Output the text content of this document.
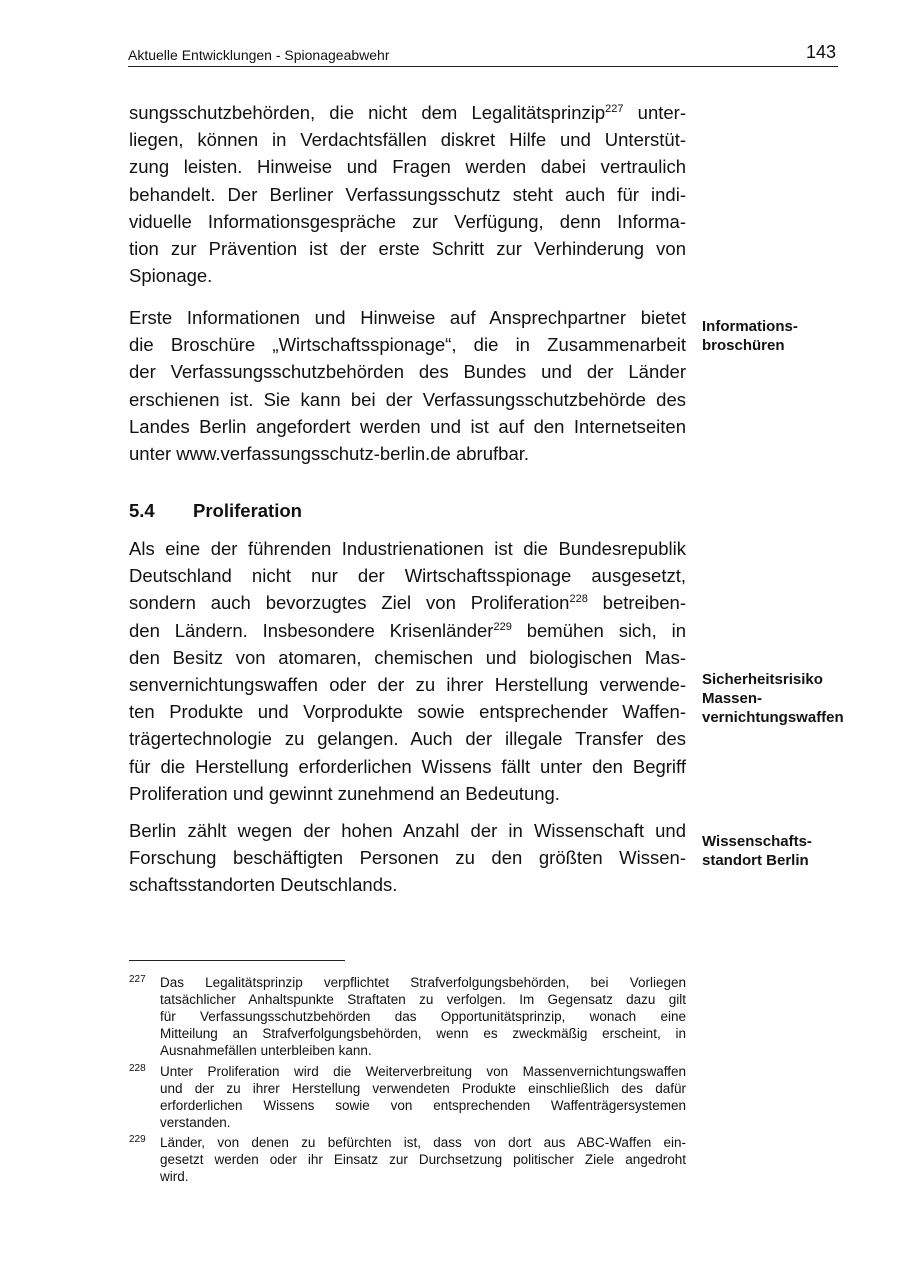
Aktuelle Entwicklungen - Spionageabwehr	143
sungsschutzbehörden, die nicht dem Legalitätsprinzip$^{227}$ unter-
liegen, können in Verdachtsfällen diskret Hilfe und Unterstüt-
zung leisten. Hinweise und Fragen werden dabei vertraulich
behandelt. Der Berliner Verfassungsschutz steht auch für indi-
viduelle Informationsgespräche zur Verfügung, denn Informa-
tion zur Prävention ist der erste Schritt zur Verhinderung von
Spionage.
Erste Informationen und Hinweise auf Ansprechpartner bietet
die Broschüre „Wirtschaftsspionage“, die in Zusammenarbeit
der Verfassungsschutzbehörden des Bundes und der Länder
erschienen ist. Sie kann bei der Verfassungsschutzbehörde des
Landes Berlin angefordert werden und ist auf den Internetseiten
unter www.verfassungsschutz-berlin.de abrufbar.
Informations-
broschüren
5.4 Proliferation
Als eine der führenden Industrienationen ist die Bundesrepublik
Deutschland nicht nur der Wirtschaftsspionage ausgesetzt,
sondern auch bevorzugtes Ziel von Proliferation$^{228}$ betreiben-
den Ländern. Insbesondere Krisenländer$^{229}$ bemühen sich, in
den Besitz von atomaren, chemischen und biologischen Mas-
senvernichtungswaffen oder der zu ihrer Herstellung verwende-
ten Produkte und Vorprodukte sowie entsprechender Waffen-
trägertechnologie zu gelangen. Auch der illegale Transfer des
für die Herstellung erforderlichen Wissens fällt unter den Begriff
Proliferation und gewinnt zunehmend an Bedeutung.
Sicherheitsrisiko
Massen-
vernichtungswaffen
Berlin zählt wegen der hohen Anzahl der in Wissenschaft und
Forschung beschäftigten Personen zu den größten Wissen-
schaftsstandorten Deutschlands.
Wissenschafts-
standort Berlin
227 Das Legalitätsprinzip verpflichtet Strafverfolgungsbehörden, bei Vorliegen
tatsächlicher Anhaltspunkte Straftaten zu verfolgen. Im Gegensatz dazu gilt
für Verfassungsschutzbehörden das Opportunitätsprinzip, wonach eine
Mitteilung an Strafverfolgungsbehörden, wenn es zweckmäßig erscheint, in
Ausnahmefällen unterbleiben kann.
228 Unter Proliferation wird die Weiterverbreitung von Massenvernichtungswaffen
und der zu ihrer Herstellung verwendeten Produkte einschließlich des dafür
erforderlichen Wissens sowie von entsprechenden Waffenträgersystemen
verstanden.
229 Länder, von denen zu befürchten ist, dass von dort aus ABC-Waffen ein-
gesetzt werden oder ihr Einsatz zur Durchsetzung politischer Ziele angedroht
wird.
